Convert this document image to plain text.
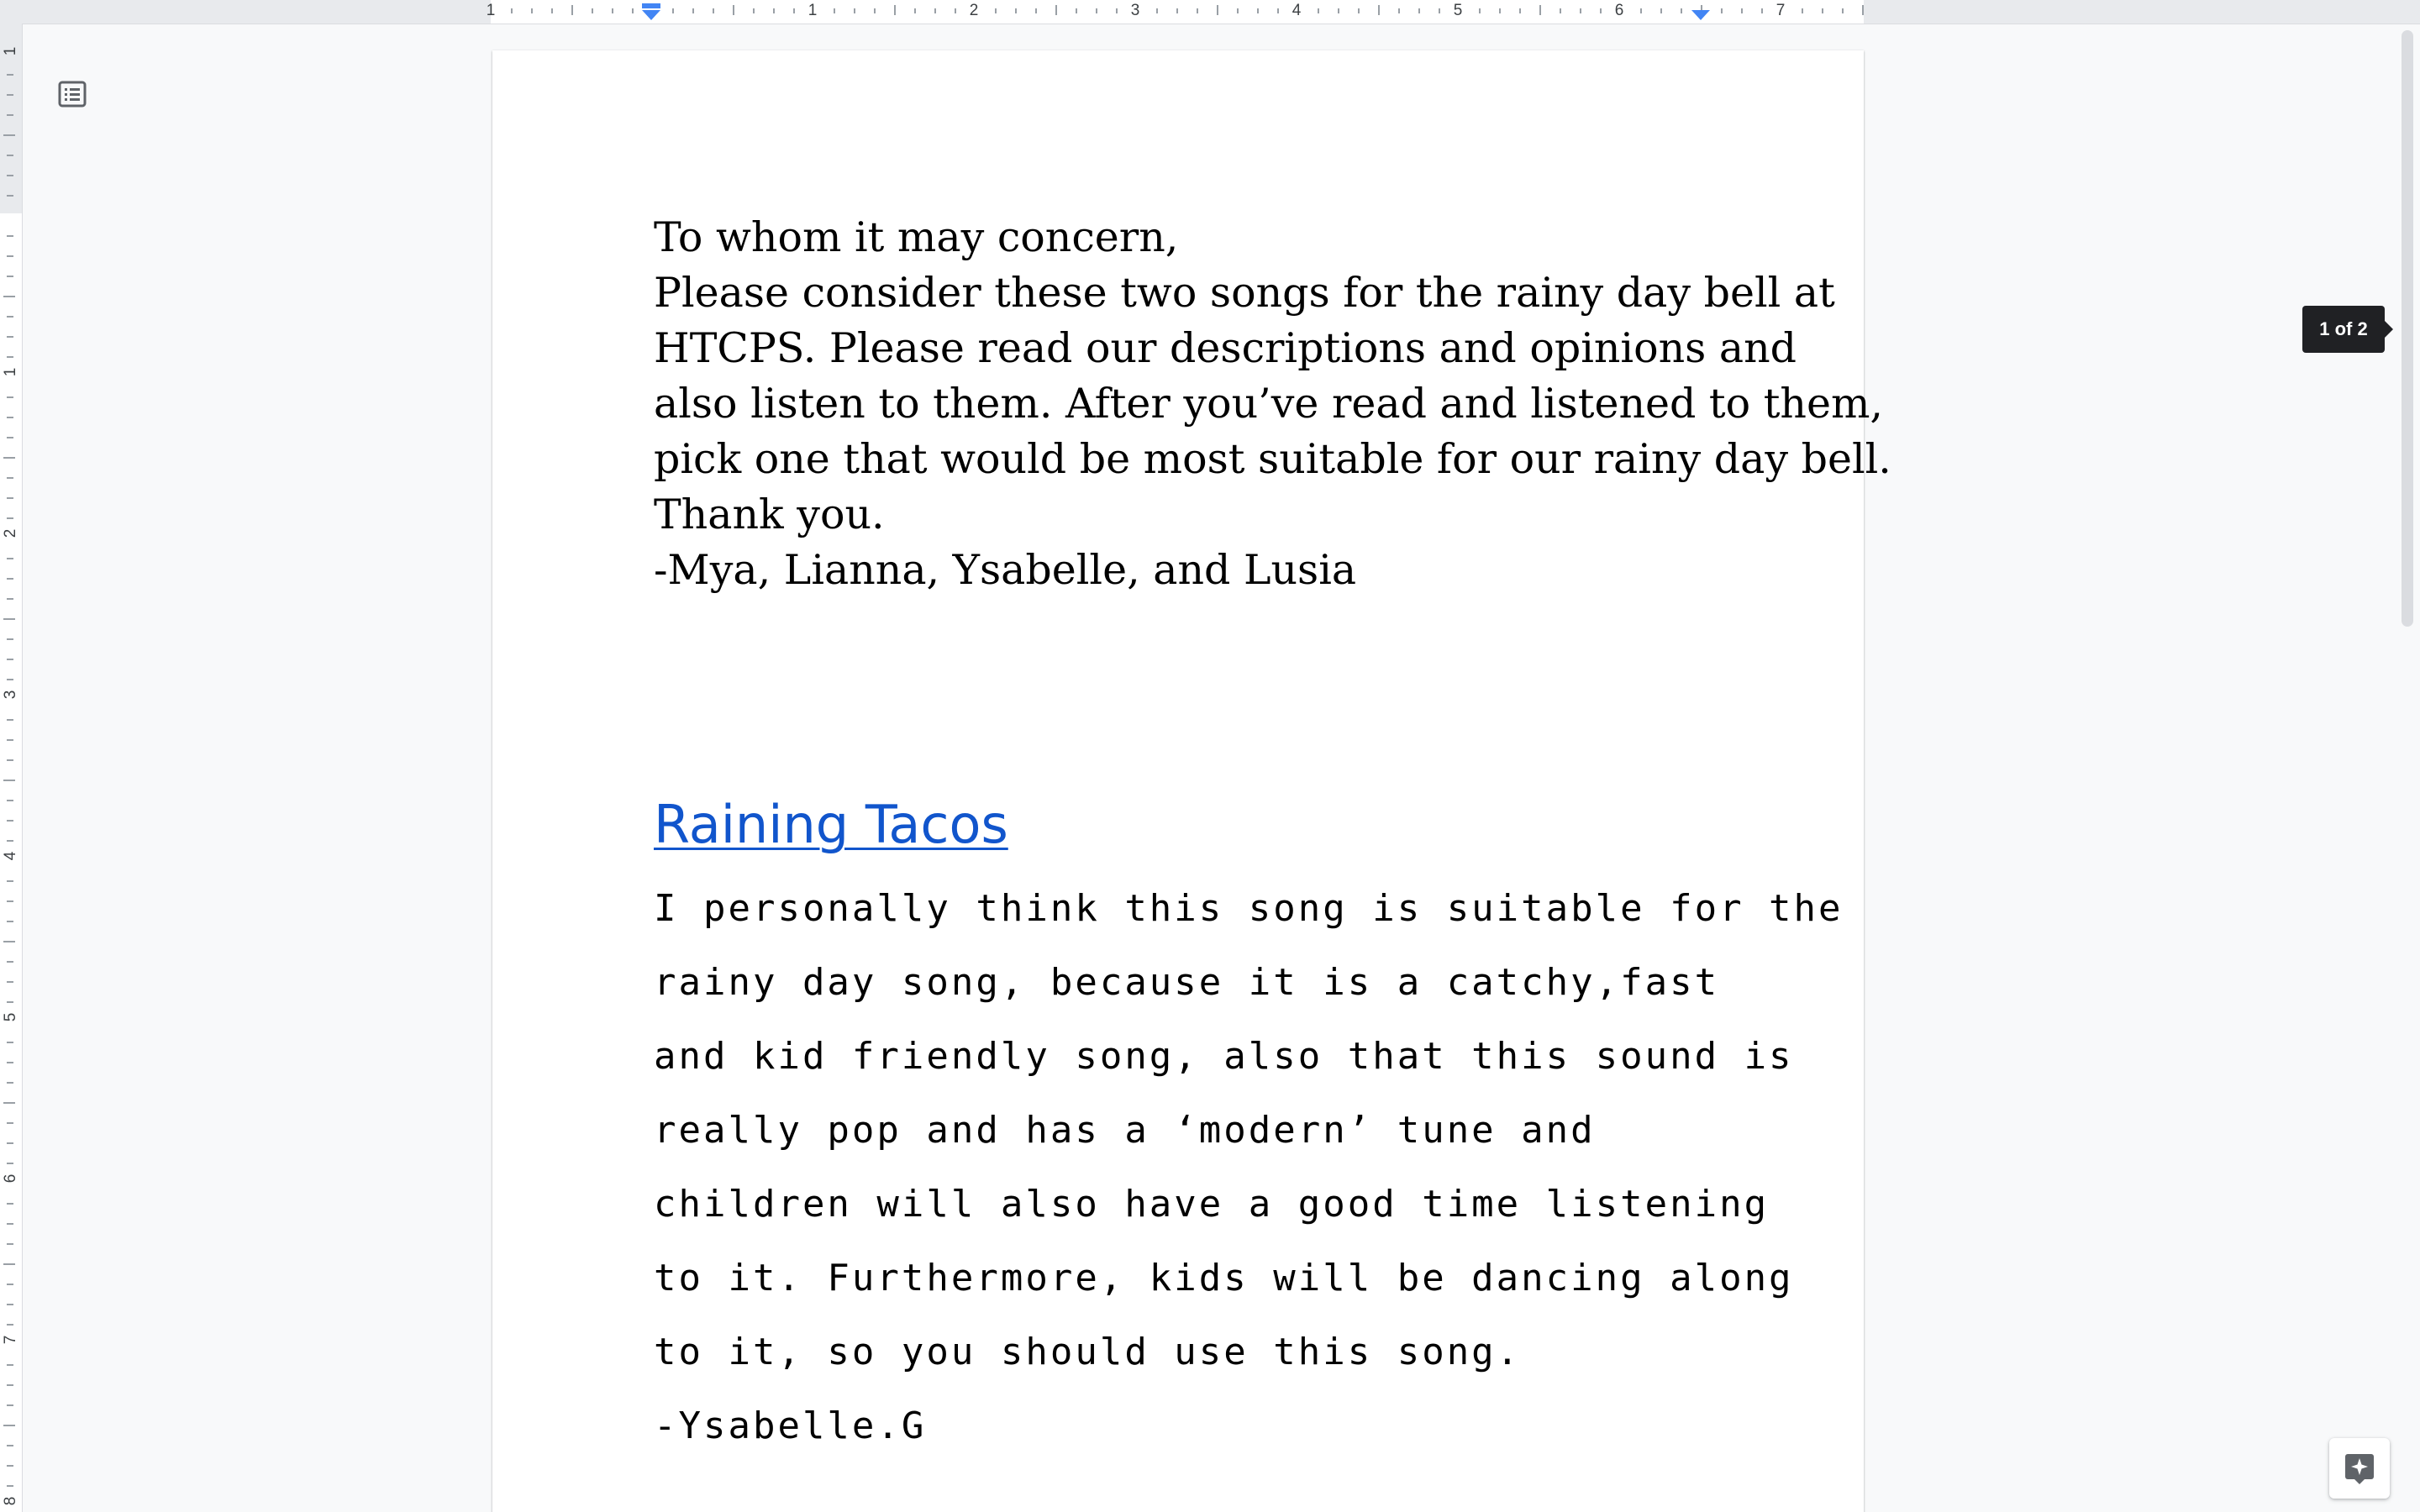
1	1	2	3	4	5	6	7
1
1
2
3
4
5
6
7
8

To whom it may concern,

Please consider these two songs for the rainy day bell at

HTCPS. Please read our descriptions and opinions and

also listen to them. After you’ve read and listened to them,

pick one that would be most suitable for our rainy day bell.

Thank you.

-Mya, Lianna, Ysabelle, and Lusia

Raining Tacos

I personally think this song is suitable for the

rainy day song, because it is a catchy,fast

and kid friendly song, also that this sound is

really pop and has a ‘modern’ tune and

children will also have a good time listening

to it. Furthermore, kids will be dancing along

to it, so you should use this song.

-Ysabelle.G

1 of 2
